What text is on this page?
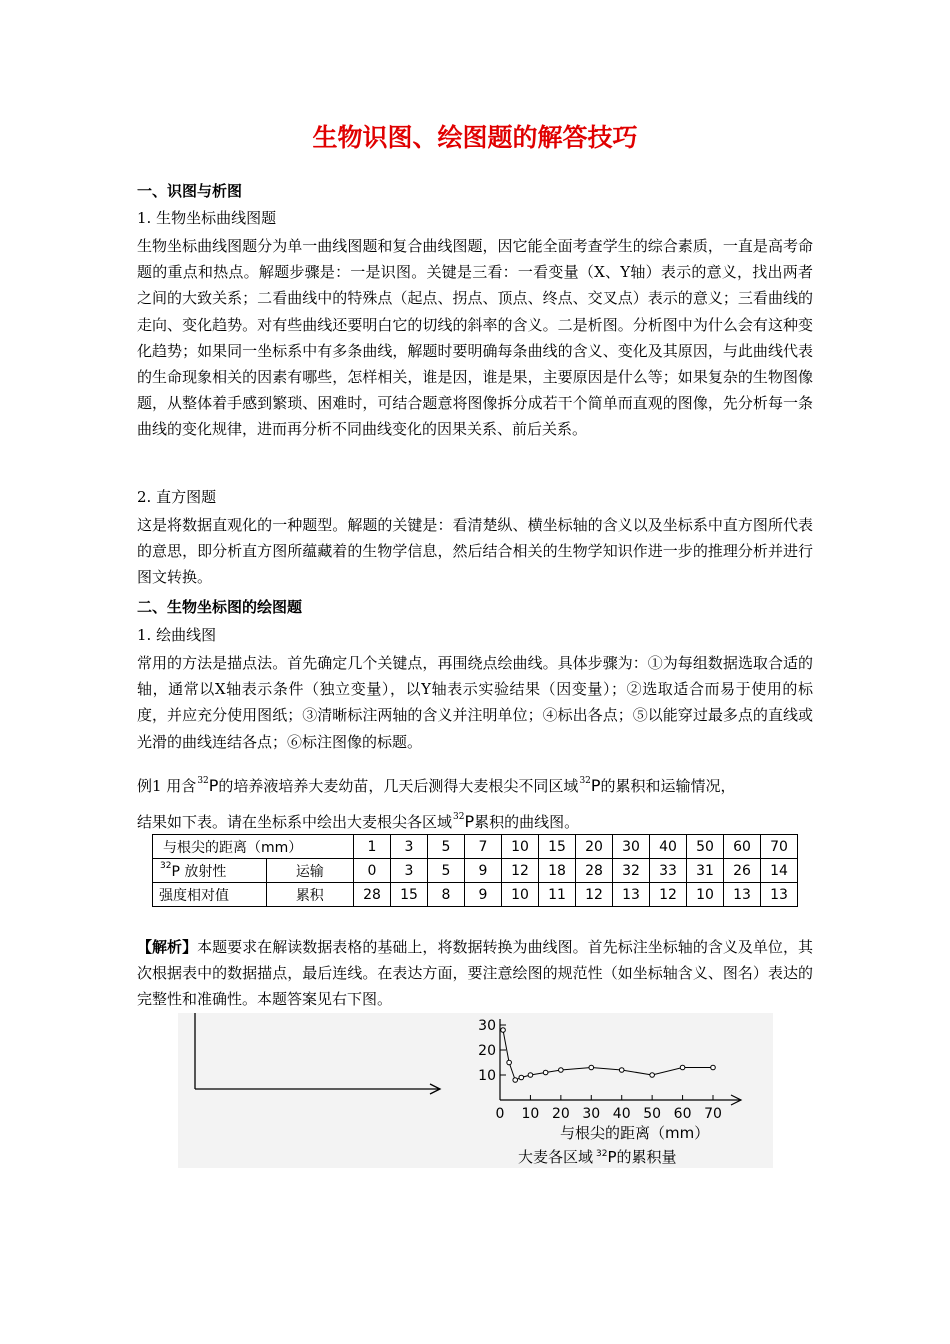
生物识图、绘图题的解答技巧
一、识图与析图
1. 生物坐标曲线图题
生物坐标曲线图题分为单一曲线图题和复合曲线图题，因它能全面考查学生的综合素质，一直是高考命题的重点和热点。解题步骤是：一是识图。关键是三看：一看变量（X、Y轴）表示的意义，找出两者之间的大致关系；二看曲线中的特殊点（起点、拐点、顶点、终点、交叉点）表示的意义；三看曲线的走向、变化趋势。对有些曲线还要明白它的切线的斜率的含义。二是析图。分析图中为什么会有这种变化趋势；如果同一坐标系中有多条曲线，解题时要明确每条曲线的含义、变化及其原因，与此曲线代表的生命现象相关的因素有哪些，怎样相关，谁是因，谁是果，主要原因是什么等；如果复杂的生物图像题，从整体着手感到繁琐、困难时，可结合题意将图像拆分成若干个简单而直观的图像，先分析每一条曲线的变化规律，进而再分析不同曲线变化的因果关系、前后关系。
2. 直方图题
这是将数据直观化的一种题型。解题的关键是：看清楚纵、横坐标轴的含义以及坐标系中直方图所代表的意思，即分析直方图所蕴藏着的生物学信息，然后结合相关的生物学知识作进一步的推理分析并进行图文转换。
二、生物坐标图的绘图题
1. 绘曲线图
常用的方法是描点法。首先确定几个关键点，再围绕点绘曲线。具体步骤为：①为每组数据选取合适的轴，通常以X轴表示条件（独立变量），以Y轴表示实验结果（因变量）；②选取适合而易于使用的标度，并应充分使用图纸；③清晰标注两轴的含义并注明单位；④标出各点；⑤以能穿过最多点的直线或光滑的曲线连结各点；⑥标注图像的标题。
例1 用含$^{32}$P的培养液培养大麦幼苗，几天后测得大麦根尖不同区域$^{32}$P的累积和运输情况，
结果如下表。请在坐标系中绘出大麦根尖各区域$^{32}$P累积的曲线图。
与根尖的距离（mm）		1	3	5	7	10	15	20	30	40	50	60	70
$^{32}$P 放射性	运输	0	3	5	9	12	18	28	32	33	31	26	14
强度相对值	累积	28	15	8	9	10	11	12	13	12	10	13	13
【解析】本题要求在解读数据表格的基础上，将数据转换为曲线图。首先标注坐标轴的含义及单位，其次根据表中的数据描点，最后连线。在表达方面，要注意绘图的规范性（如坐标轴含义、图名）表达的完整性和准确性。本题答案见右下图。
10
20
30
0 10 20 30 40 50 60 70
与根尖的距离（mm）
大麦各区域 $^{32}$P的累积量
